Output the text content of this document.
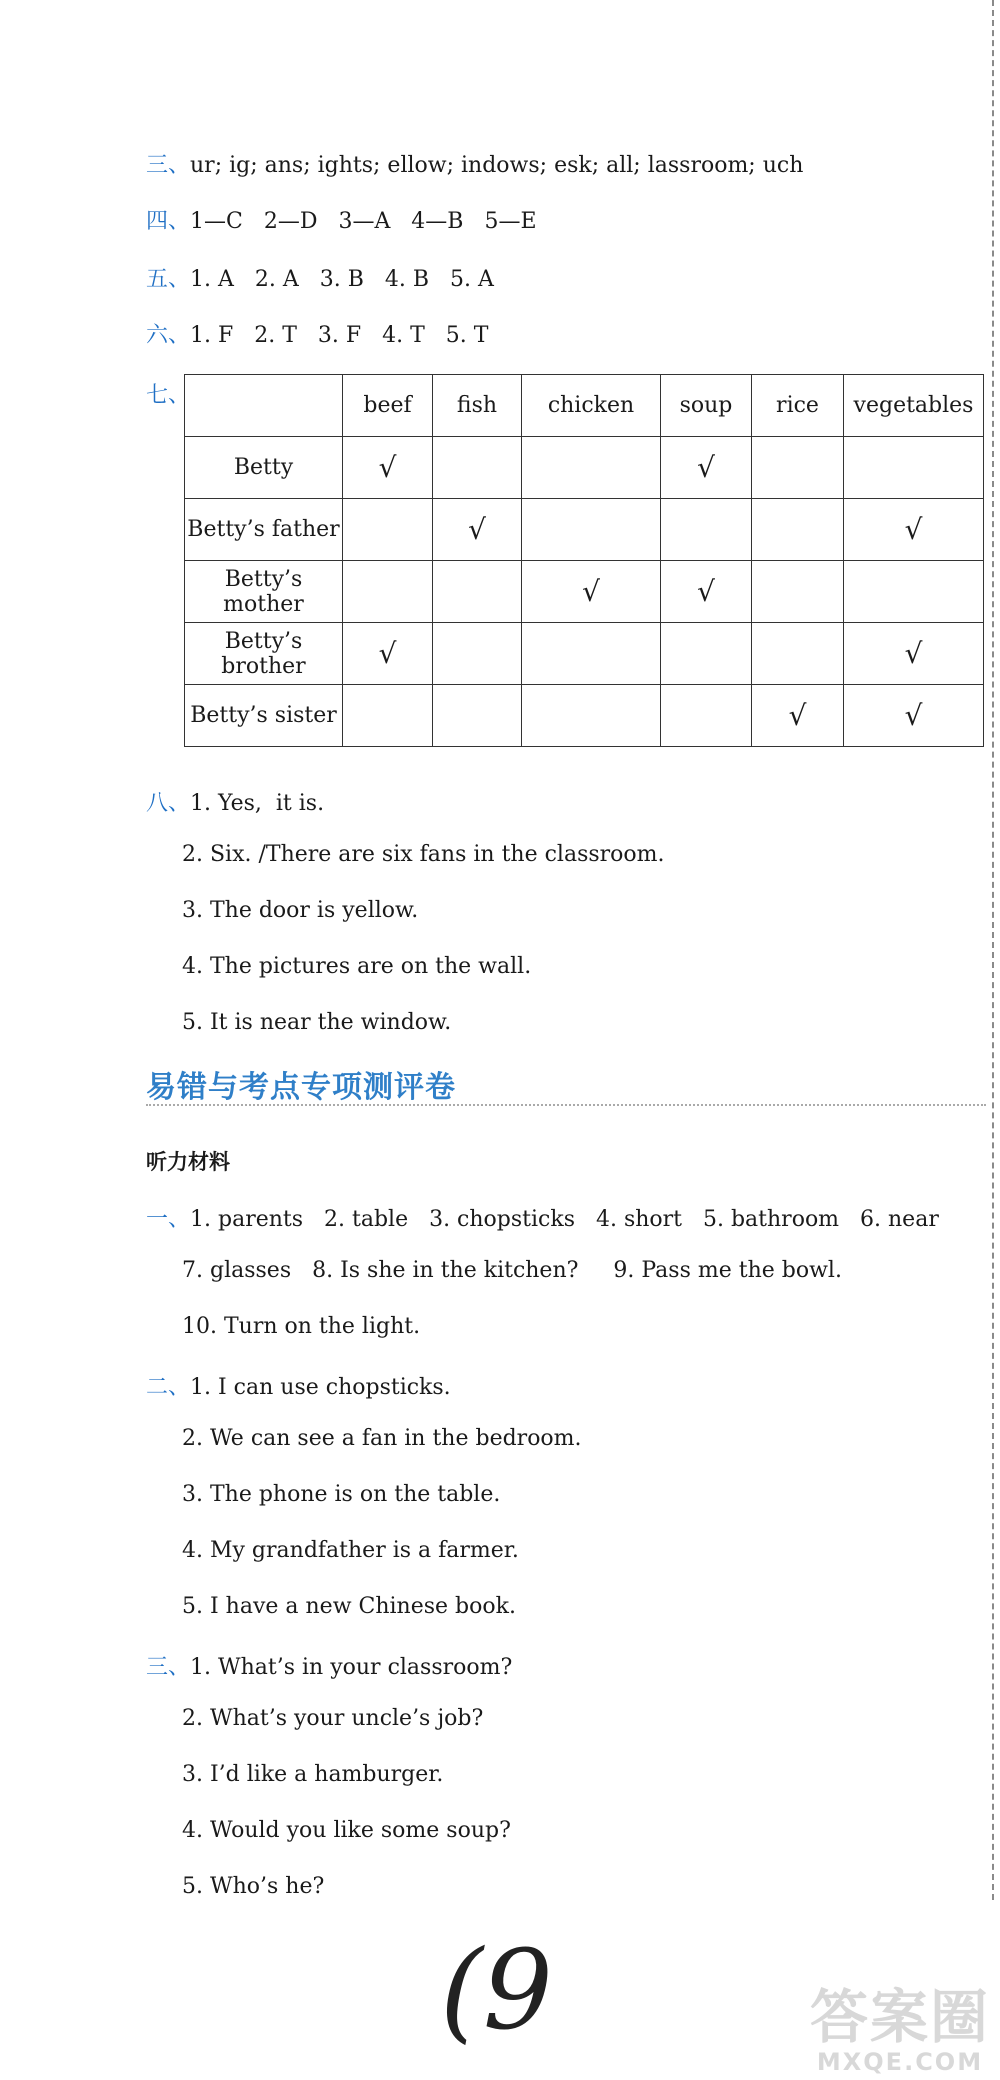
三、ur; ig; ans; ights; ellow; indows; esk; all; lassroom; uch
四、1—C   2—D   3—A   4—B   5—E
五、1. A   2. A   3. B   4. B   5. A
六、1. F   2. T   3. F   4. T   5. T
七、
		beef	fish	chicken	soup	rice	vegetables
Betty	√			√		
Betty’s father		√				√
Betty’s mother			√	√		
Betty’s brother	√					√
Betty’s sister					√	√
八、1. Yes,  it is.
2. Six. /There are six fans in the classroom.
3. The door is yellow.
4. The pictures are on the wall.
5. It is near the window.
易错与考点专项测评卷
听力材料
一、1. parents   2. table   3. chopsticks   4. short   5. bathroom   6. near
7. glasses   8. Is she in the kitchen?     9. Pass me the bowl.
10. Turn on the light.
二、1. I can use chopsticks.
2. We can see a fan in the bedroom.
3. The phone is on the table.
4. My grandfather is a farmer.
5. I have a new Chinese book.
三、1. What’s in your classroom?
2. What’s your uncle’s job?
3. I’d like a hamburger.
4. Would you like some soup?
5. Who’s he?
(9	答案圈
MXQE.COM
